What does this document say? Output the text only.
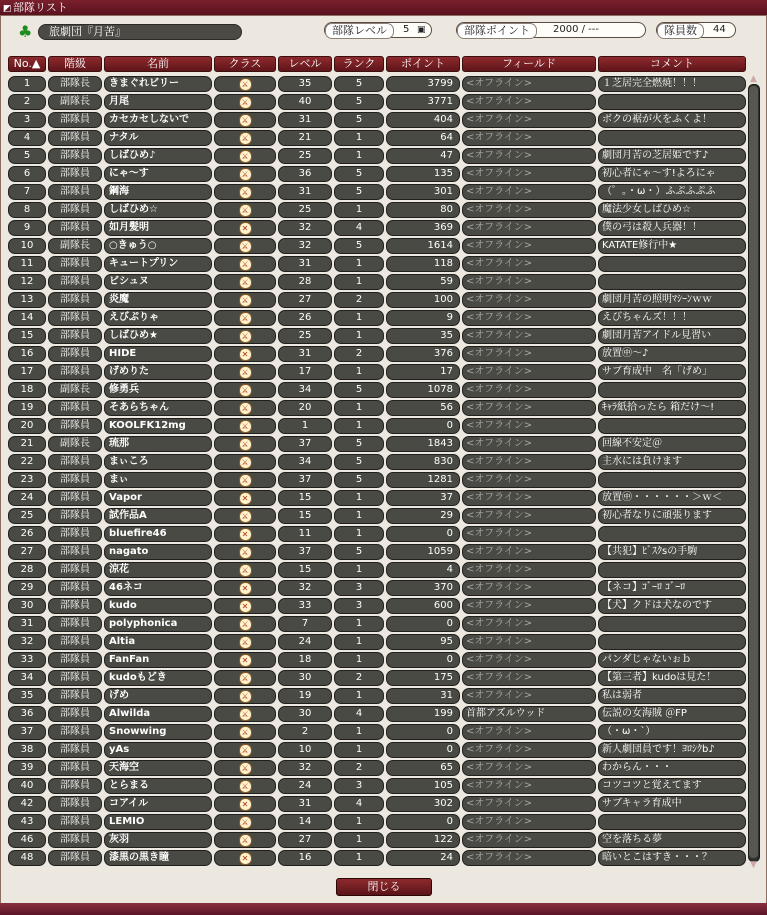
◩ 部隊リスト
♣	旅劇団『月苦』	部隊レベル	5 ▣	部隊ポイント	2000 / ---	隊員数	44
No.▲	階級	名前	クラス	レベル	ランク	ポイント	フィールド	コメント
1	部隊長	きまぐれビリー	⚔	35	5	3799	<オフライン>	１芝居完全燃焼！！！
2	副隊長	月尾	⚔	40	5	3771	<オフライン>
3	部隊員	カセカセしないで	⚔	31	5	404	<オフライン>	ボクの裾が火をふくよ！
4	部隊員	ナタル	⚔	21	1	64	<オフライン>
5	部隊員	しばひめ♪	⚔	25	1	47	<オフライン>	劇団月苦の芝居姫です♪
6	部隊員	にゃ～す	⚔	36	5	135	<オフライン>	初心者にゃ～す!よろにゃ
7	部隊員	鋼海	⚔	31	5	301	<オフライン>	（゜。・ω・）ふぷふぷふ
8	部隊員	しばひめ☆	⚔	25	1	80	<オフライン>	魔法少女しばひめ☆
9	部隊員	如月髪明	✕	32	4	369	<オフライン>	僕の弓は殺人兵器！！
10	副隊長	○きゅう○	⚔	32	5	1614	<オフライン>	KATATE修行中★
11	部隊員	キュートプリン	⚔	31	1	118	<オフライン>
12	部隊員	ビシュヌ	⚔	28	1	59	<オフライン>
13	部隊員	炎魔	⚔	27	2	100	<オフライン>	劇団月苦の照明ﾏｼｰﾝｗｗ
14	部隊員	えびぷりゃ	⚔	26	1	9	<オフライン>	えびちゃんズ！！！
15	部隊員	しばひめ★	⚔	25	1	35	<オフライン>	劇団月苦アイドル見習い
16	部隊員	HIDE	✕	31	2	376	<オフライン>	放置㊥～♪
17	部隊員	げめりた	⚔	17	1	17	<オフライン>	サブ育成中　名「げめ」
18	副隊長	修勇兵	⚔	34	5	1078	<オフライン>
19	部隊員	そあらちゃん	⚔	20	1	56	<オフライン>	ｷｬﾗ紙拾ったら 箱だけ～!
20	部隊員	KOOLFK12mg	⚔	1	1	0	<オフライン>
21	副隊長	琉那	⚔	37	5	1843	<オフライン>	回線不安定＠
22	部隊員	まぃころ	⚔	34	5	830	<オフライン>	主水には負けます
23	部隊員	まぃ	⚔	37	5	1281	<オフライン>
24	部隊員	Vapor	✕	15	1	37	<オフライン>	放置㊥・・・・・・＞ｗ＜
25	部隊員	試作品A	⚔	15	1	29	<オフライン>	初心者なりに頑張ります
26	部隊員	bluefire46	✕	11	1	0	<オフライン>
27	部隊員	nagato	⚔	37	5	1059	<オフライン>	【共犯】ﾋﾞｽｸsの手駒
28	部隊員	涼花	⚔	15	1	4	<オフライン>
29	部隊員	46ネコ	✕	32	3	370	<オフライン>	【ネコ】ｺﾞｰﾛ ｺﾞｰﾛ
30	部隊員	kudo	✕	33	3	600	<オフライン>	【犬】クドは犬なのです
31	部隊員	polyphonica	⚔	7	1	0	<オフライン>
32	部隊員	Altia	⚔	24	1	95	<オフライン>
33	部隊員	FanFan	✕	18	1	0	<オフライン>	パンダじゃないぉｂ
34	部隊員	kudoもどき	⚔	30	2	175	<オフライン>	【第三者】kudoは見た！
35	部隊員	げめ	⚔	19	1	31	<オフライン>	私は弱者
36	部隊員	Alwilda	⚔	30	4	199	首都アズルウッド	伝説の女海賊 ＠FP
37	部隊員	Snowwing	⚔	2	1	0	<オフライン>	（・ω・`）
38	部隊員	yAs	⚔	10	1	0	<オフライン>	新人劇団員です！ﾖﾛｼｸb♪
39	部隊員	天海空	⚔	32	2	65	<オフライン>	わからん・・・
40	部隊員	とらまる	⚔	24	3	105	<オフライン>	コツコツと覚えてます
42	部隊員	コアイル	✕	31	4	302	<オフライン>	サブキャラ育成中
43	部隊員	LEMIO	⚔	14	1	0	<オフライン>
46	部隊員	灰羽	⚔	27	1	122	<オフライン>	空を落ちる夢
48	部隊員	漆黒の黒き瞳	✕	16	1	24	<オフライン>	暗いとこはすき・・・？
▲
▼
閉じる
